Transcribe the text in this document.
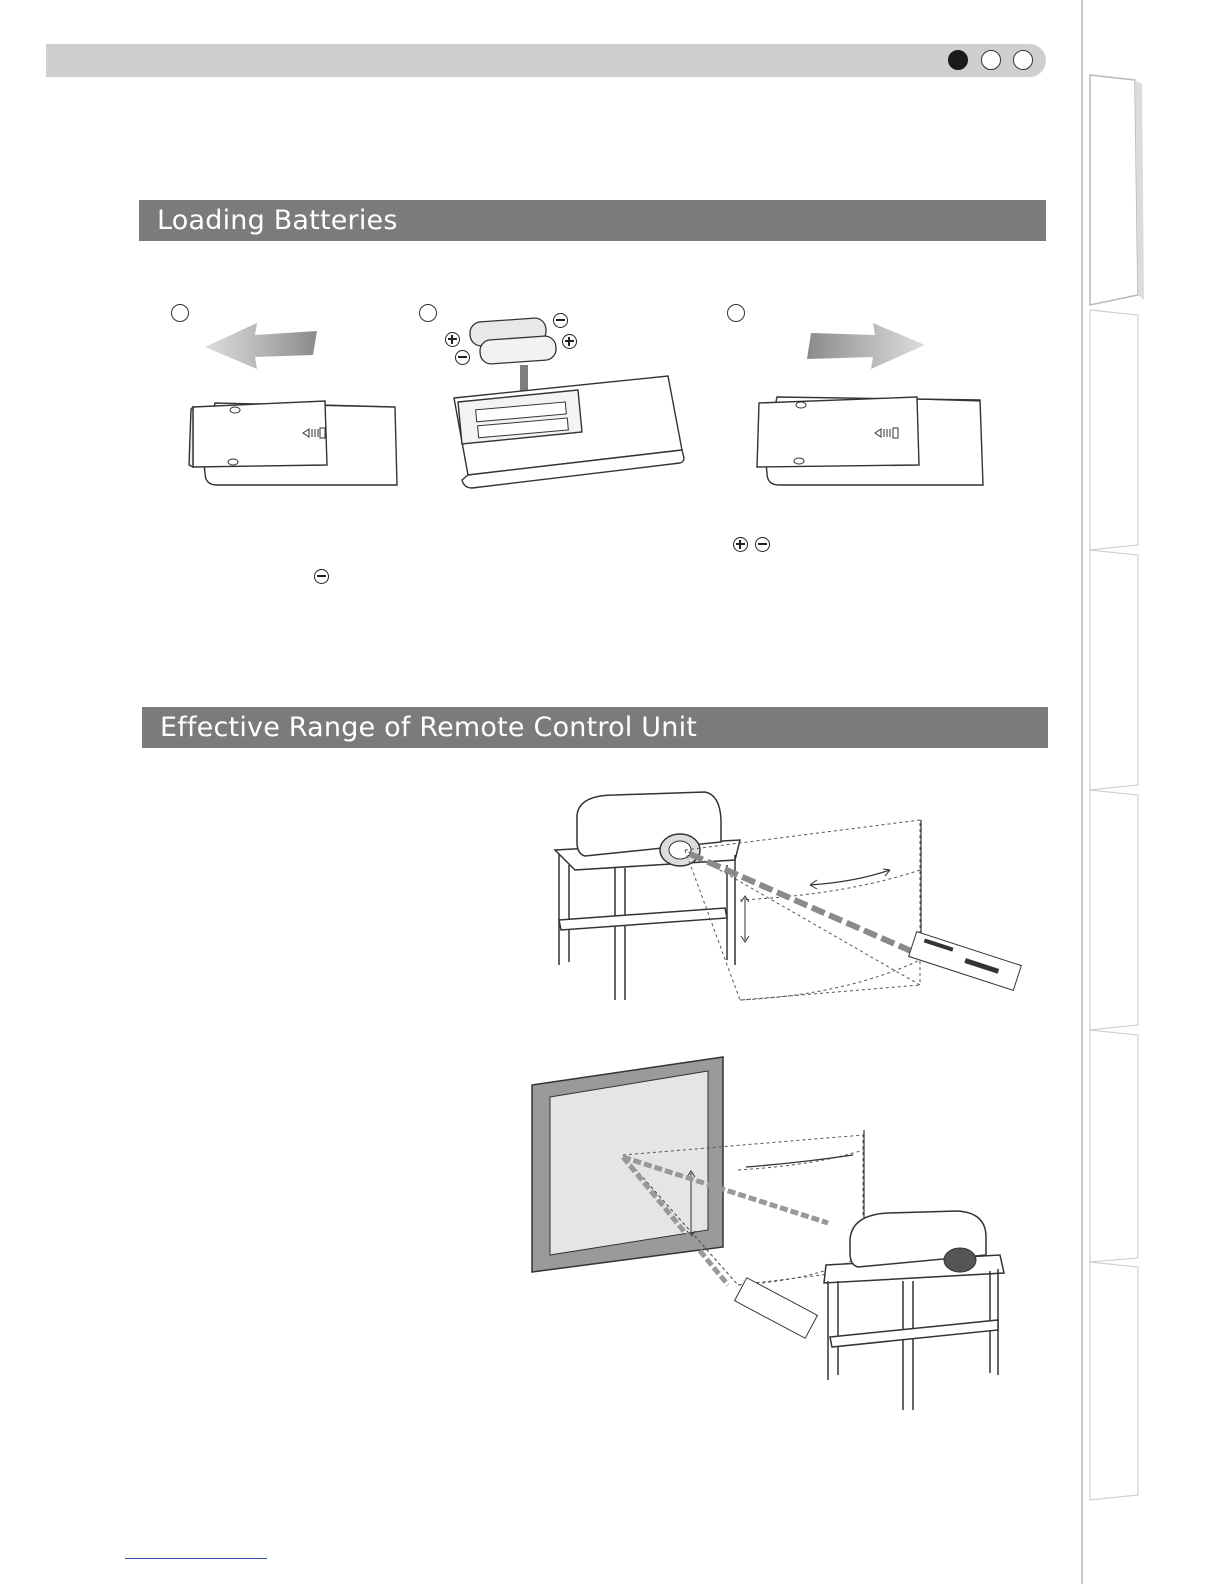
Loading Batteries
Effective Range of Remote Control Unit
